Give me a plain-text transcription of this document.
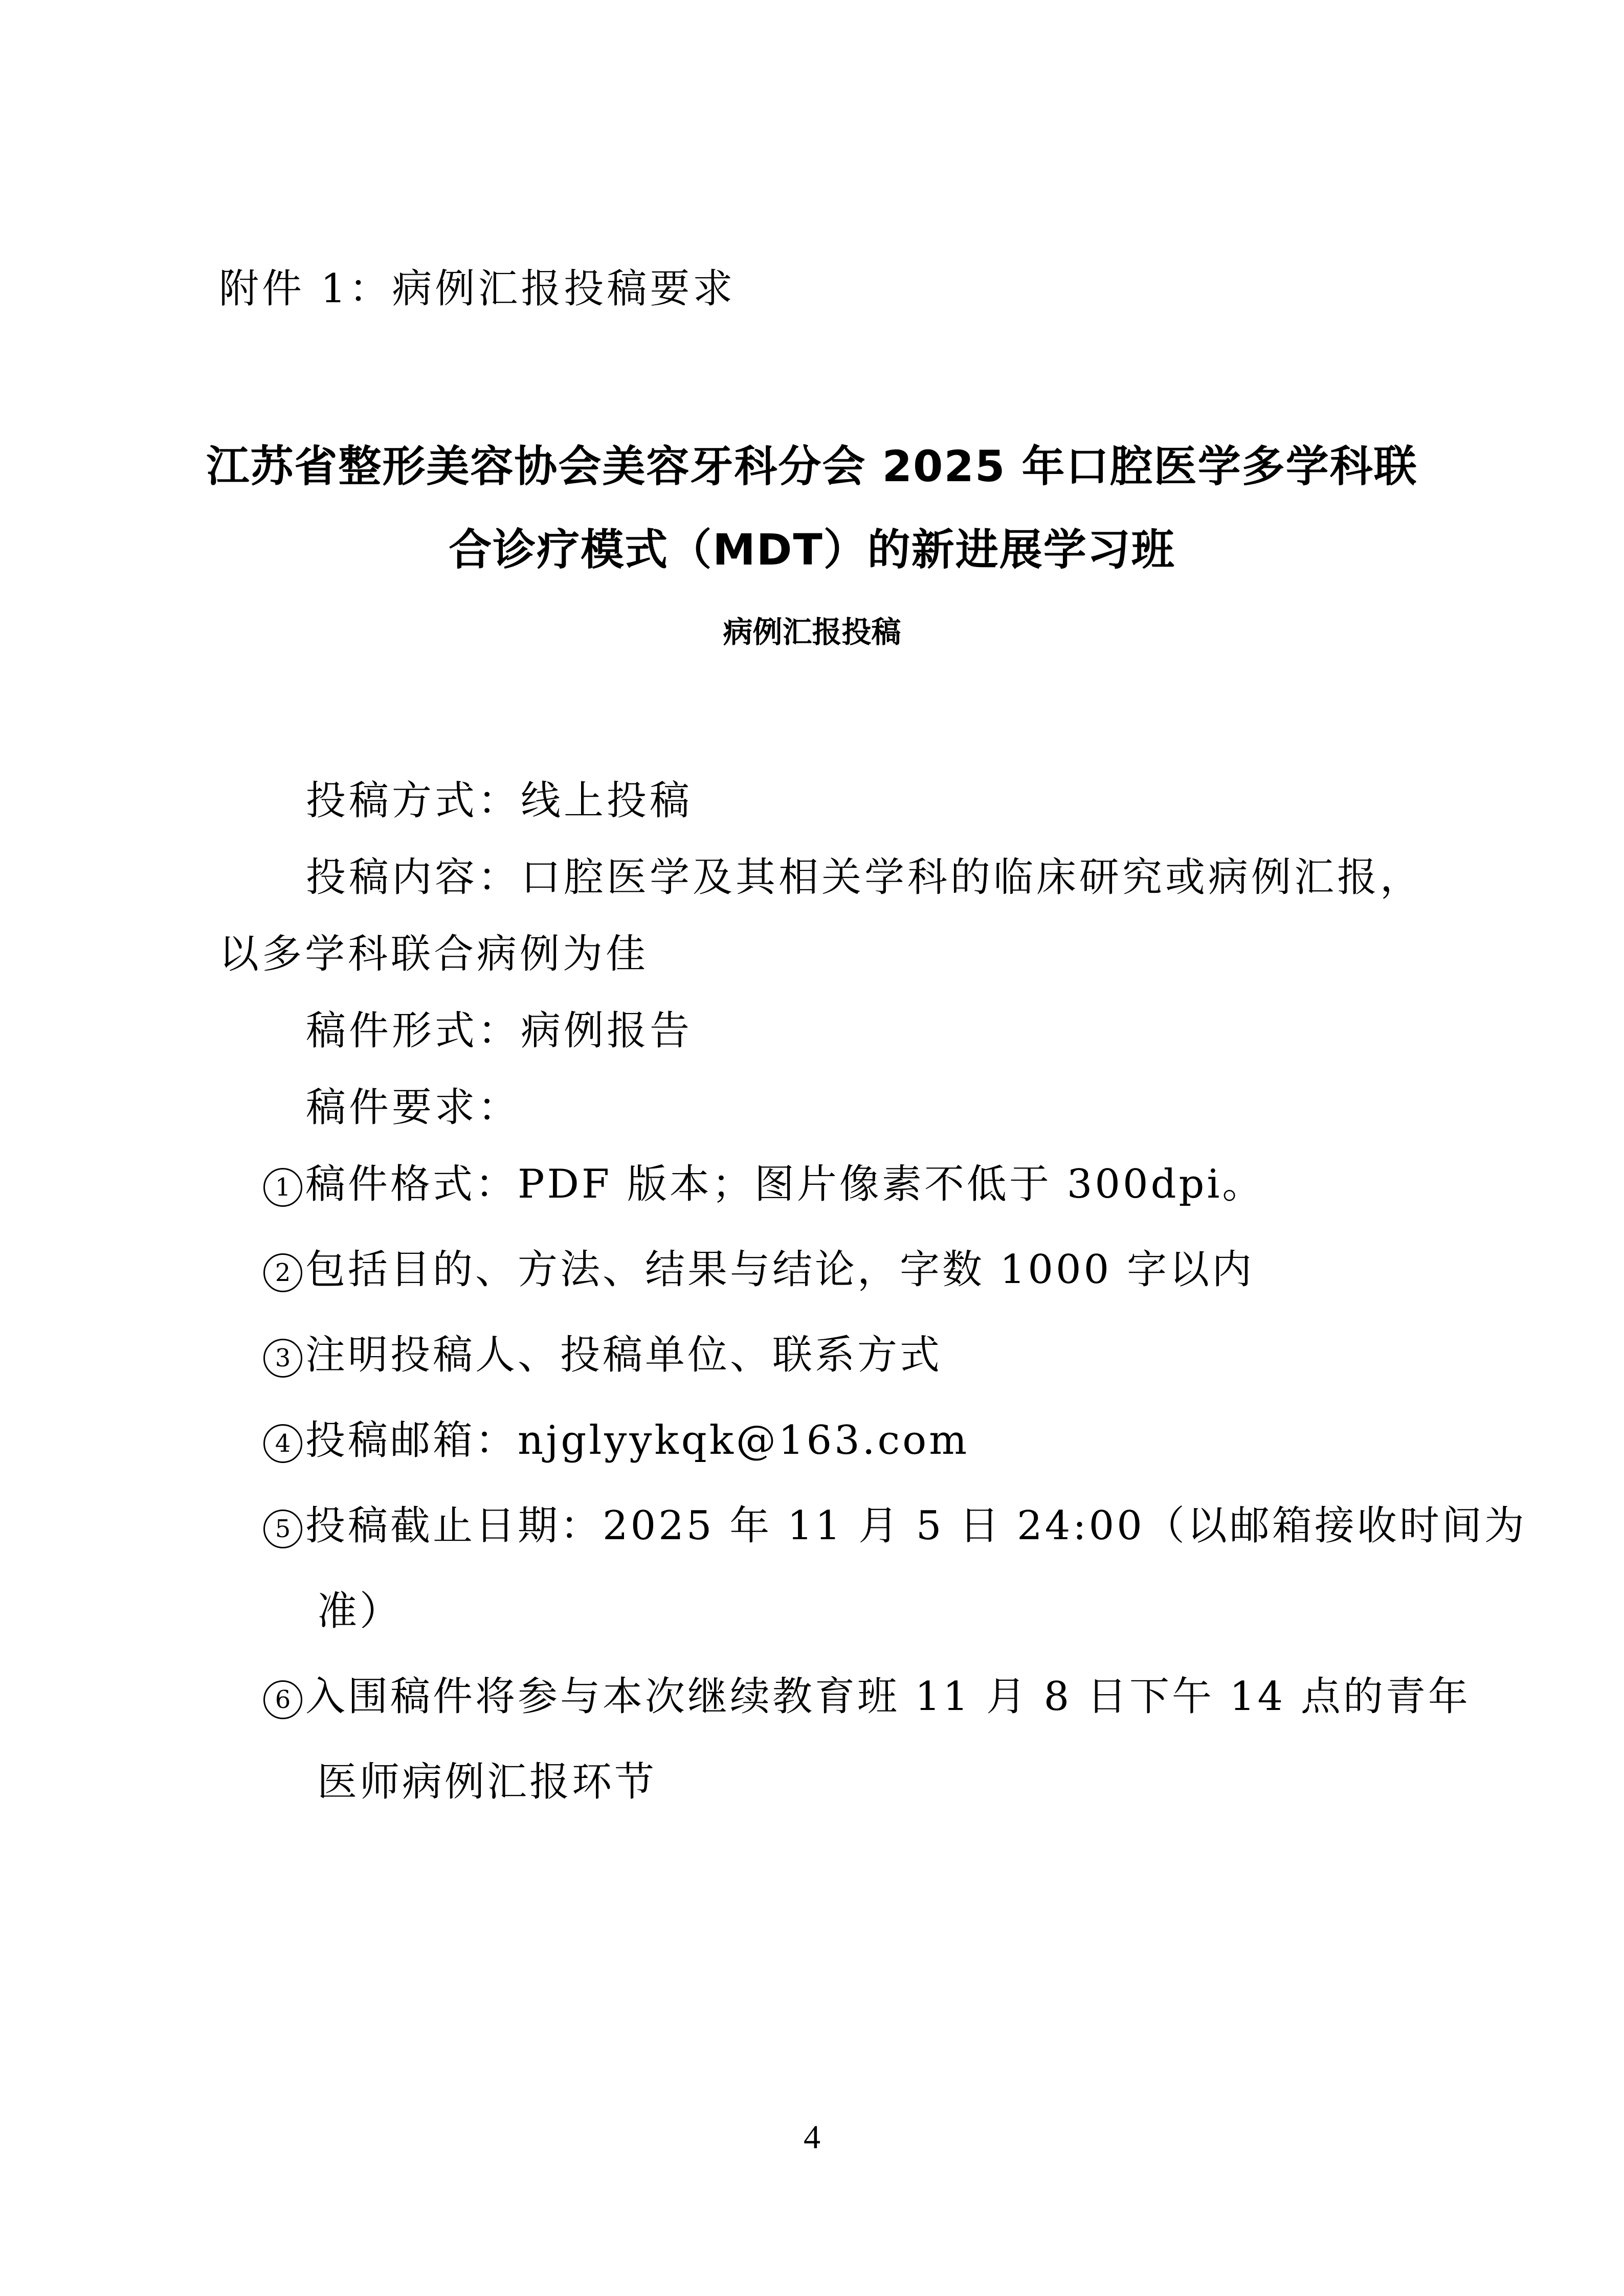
附件 1：病例汇报投稿要求
江苏省整形美容协会美容牙科分会 2025 年口腔医学多学科联
合诊疗模式（MDT）的新进展学习班
病例汇报投稿
投稿方式：线上投稿
投稿内容：口腔医学及其相关学科的临床研究或病例汇报，
以多学科联合病例为佳
稿件形式：病例报告
稿件要求：
1 稿件格式：PDF 版本；图片像素不低于 300dpi。
2 包括目的、方法、结果与结论，字数 1000 字以内
3 注明投稿人、投稿单位、联系方式
4 投稿邮箱：njglyykqk@163.com
5 投稿截止日期：2025 年 11 月 5 日 24:00（以邮箱接收时间为
准）
6 入围稿件将参与本次继续教育班 11 月 8 日下午 14 点的青年
医师病例汇报环节
4
